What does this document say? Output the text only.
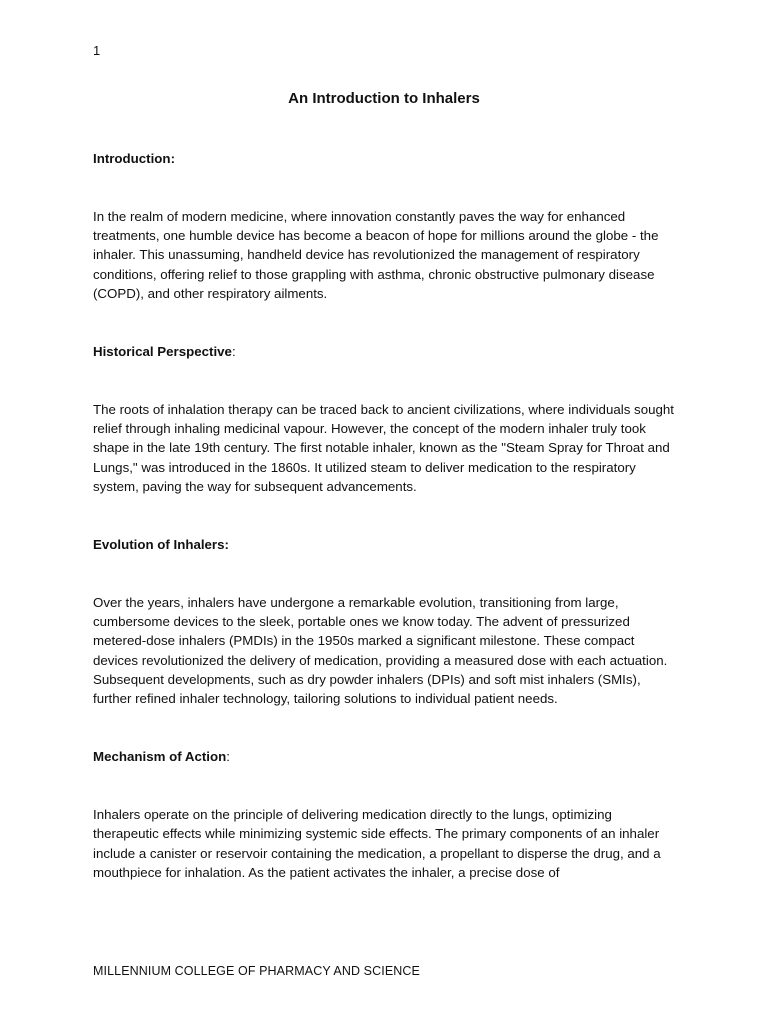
1
An Introduction to Inhalers

Introduction:

In the realm of modern medicine, where innovation constantly paves the way for enhanced treatments, one humble device has become a beacon of hope for millions around the globe - the inhaler. This unassuming, handheld device has revolutionized the management of respiratory conditions, offering relief to those grappling with asthma, chronic obstructive pulmonary disease (COPD), and other respiratory ailments.

Historical Perspective:

The roots of inhalation therapy can be traced back to ancient civilizations, where individuals sought relief through inhaling medicinal vapour. However, the concept of the modern inhaler truly took shape in the late 19th century. The first notable inhaler, known as the "Steam Spray for Throat and Lungs," was introduced in the 1860s. It utilized steam to deliver medication to the respiratory system, paving the way for subsequent advancements.

Evolution of Inhalers:

Over the years, inhalers have undergone a remarkable evolution, transitioning from large, cumbersome devices to the sleek, portable ones we know today. The advent of pressurized metered-dose inhalers (PMDIs) in the 1950s marked a significant milestone. These compact devices revolutionized the delivery of medication, providing a measured dose with each actuation. Subsequent developments, such as dry powder inhalers (DPIs) and soft mist inhalers (SMIs), further refined inhaler technology, tailoring solutions to individual patient needs.

Mechanism of Action:

Inhalers operate on the principle of delivering medication directly to the lungs, optimizing therapeutic effects while minimizing systemic side effects. The primary components of an inhaler include a canister or reservoir containing the medication, a propellant to disperse the drug, and a mouthpiece for inhalation. As the patient activates the inhaler, a precise dose of

MILLENNIUM COLLEGE OF PHARMACY AND SCIENCE
